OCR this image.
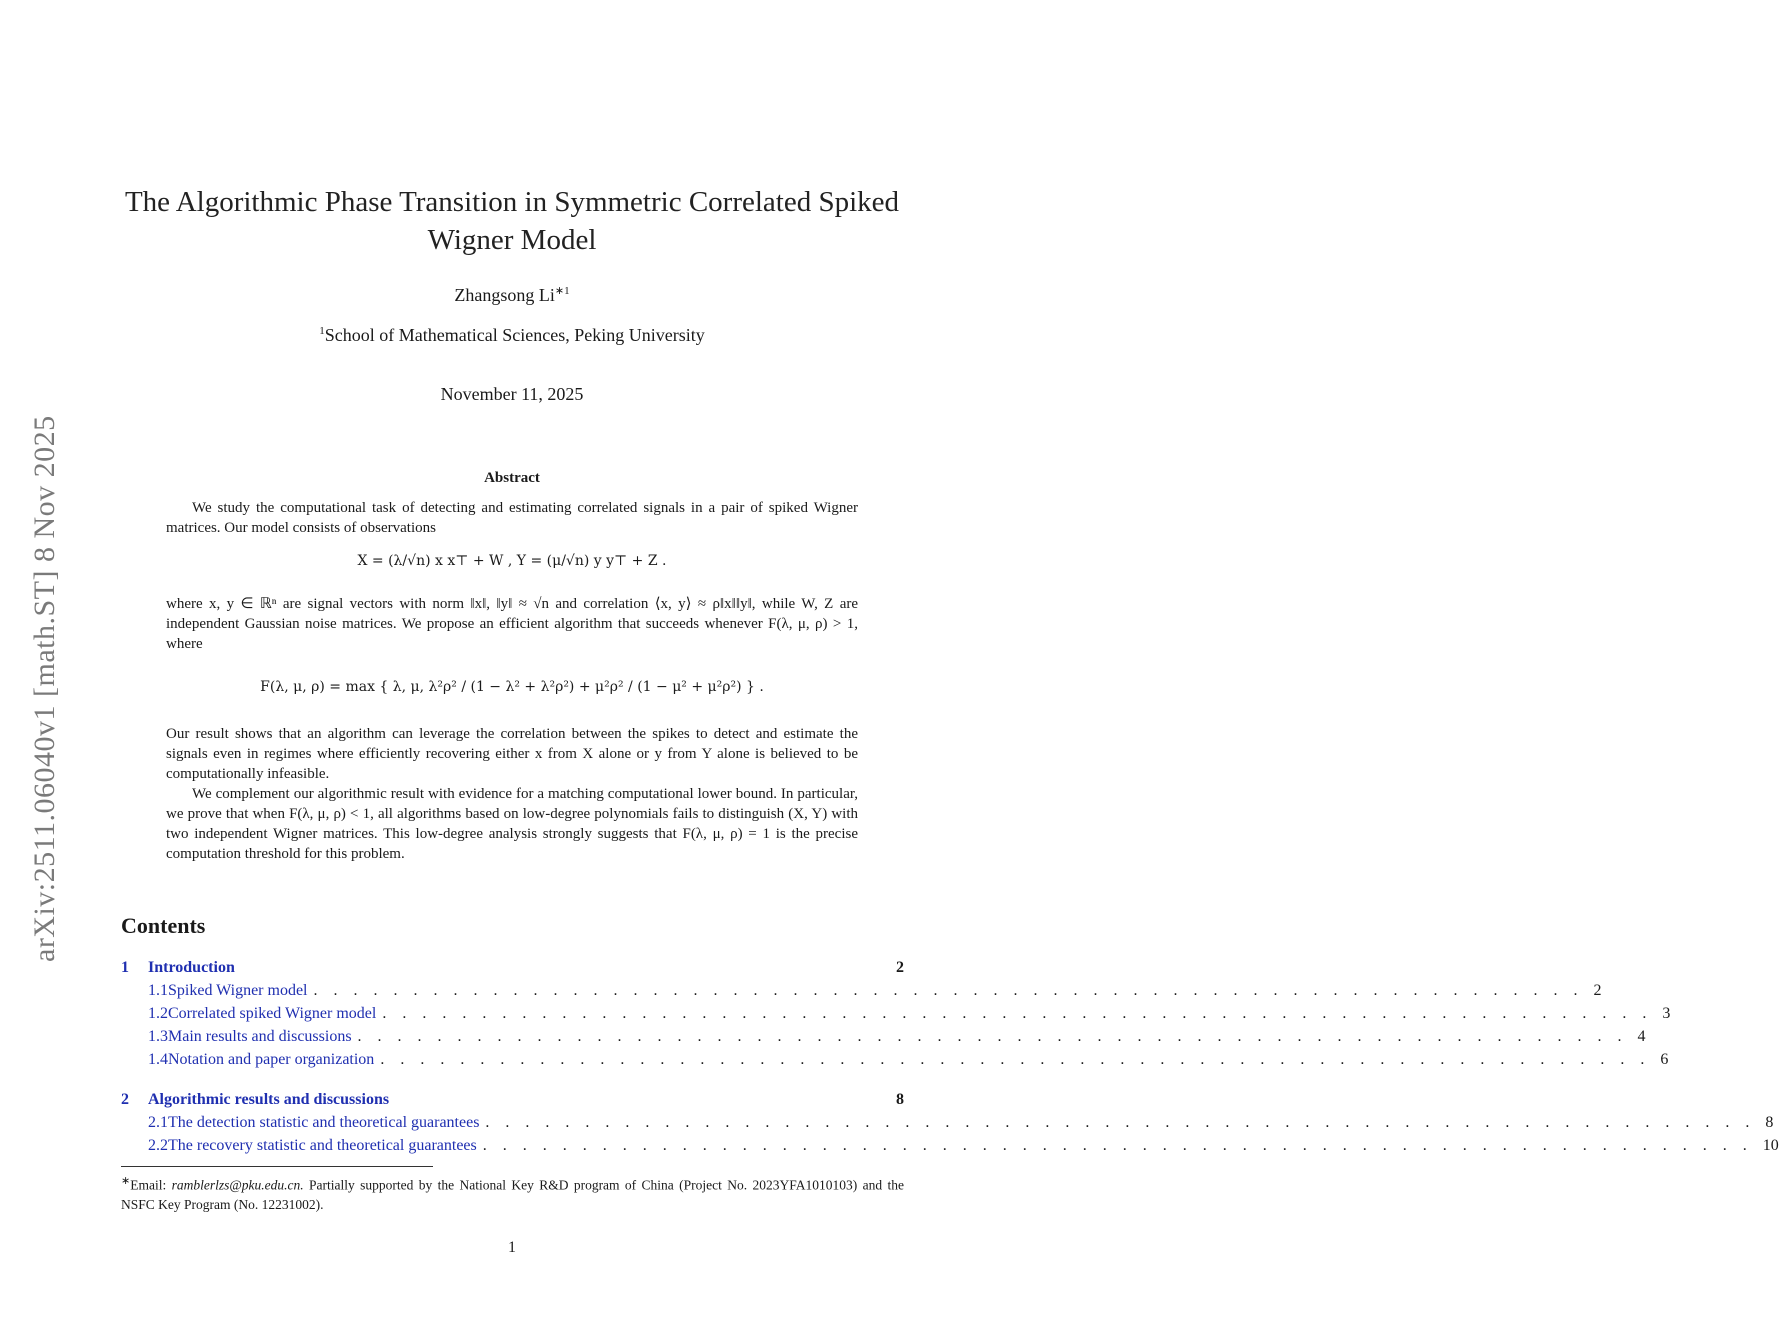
arXiv:2511.06040v1 [math.ST] 8 Nov 2025
The Algorithmic Phase Transition in Symmetric Correlated Spiked
Wigner Model
Zhangsong $Li^{∗1}$
$^1$School of Mathematical Sciences, Peking University
November 11, 2025
Abstract
We study the computational task of detecting and estimating correlated signals in a pair of spiked Wigner matrices. Our model consists of observations
X = (λ/√n) x x⊤ + W , Y = (μ/√n) y y⊤ + Z .
where x, y ∈ ℝⁿ are signal vectors with norm ‖x‖, ‖y‖ ≈ √n and correlation ⟨x, y⟩ ≈ ρ‖x‖‖y‖, while W, Z are independent Gaussian noise matrices. We propose an efficient algorithm that succeeds whenever F(λ, μ, ρ) > 1, where
F(λ, μ, ρ) = max { λ, μ, λ²ρ² / (1 − λ² + λ²ρ²) + μ²ρ² / (1 − μ² + μ²ρ²) } .
Our result shows that an algorithm can leverage the correlation between the spikes to detect and estimate the signals even in regimes where efficiently recovering either x from X alone or y from Y alone is believed to be computationally infeasible.
We complement our algorithmic result with evidence for a matching computational lower bound. In particular, we prove that when F(λ, μ, ρ) < 1, all algorithms based on low-degree polynomials fails to distinguish (X, Y) with two independent Wigner matrices. This low-degree analysis strongly suggests that F(λ, μ, ρ) = 1 is the precise computation threshold for this problem.
Contents
1	Introduction	2
1.1 Spiked Wigner model . . . . . . . . . . . . . . . . . . . . . . . . . . . . . . . . . . . . . . . . . . . . . . . . . . . . . . . . . . . . . . . . 2
1.2 Correlated spiked Wigner model . . . . . . . . . . . . . . . . . . . . . . . . . . . . . . . . . . . . . . . . . . . . . . . . . . . . . . . . . . . . . . . . 3
1.3 Main results and discussions . . . . . . . . . . . . . . . . . . . . . . . . . . . . . . . . . . . . . . . . . . . . . . . . . . . . . . . . . . . . . . . . 4
1.4 Notation and paper organization . . . . . . . . . . . . . . . . . . . . . . . . . . . . . . . . . . . . . . . . . . . . . . . . . . . . . . . . . . . . . . . . 6
2	Algorithmic results and discussions	8
2.1 The detection statistic and theoretical guarantees . . . . . . . . . . . . . . . . . . . . . . . . . . . . . . . . . . . . . . . . . . . . . . . . . . . . . . . . . . . . . . . . 8
2.2 The recovery statistic and theoretical guarantees . . . . . . . . . . . . . . . . . . . . . . . . . . . . . . . . . . . . . . . . . . . . . . . . . . . . . . . . . . . . . . . . 10
∗Email: ramblerlzs@pku.edu.cn. Partially supported by the National Key R&D program of China (Project No. 2023YFA1010103) and the NSFC Key Program (No. 12231002).
1
